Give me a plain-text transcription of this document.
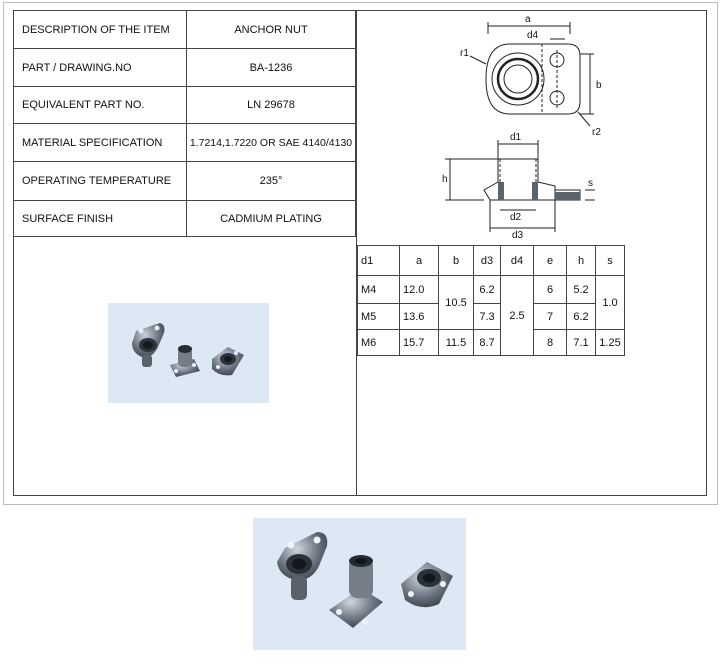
DESCRIPTION OF THE ITEM	ANCHOR NUT
PART / DRAWING.NO	BA-1236
EQUIVALENT PART NO.	LN 29678
MATERIAL SPECIFICATION	1.7214,1.7220 OR SAE 4140/4130
OPERATING TEMPERATURE	235°
SURFACE FINISH	CADMIUM PLATING
a
d4
r1
b
r2
d1
h	s
d2
d3
d1	a	b	d3	d4	e	h	s
M4	12.0	10.5	6.2	2.5	6	5.2	1.0
M5	13.6		7.3		7	6.2	
M6	15.7	11.5	8.7		8	7.1	1.25
